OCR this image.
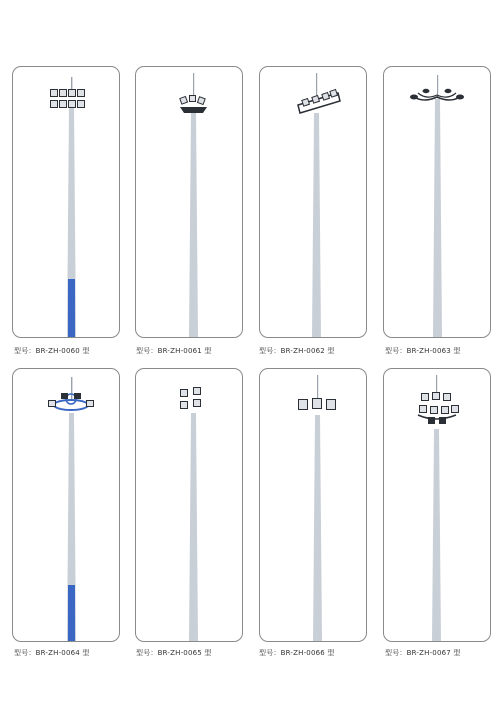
型号：BR-ZH-0060 型	型号：BR-ZH-0061 型	型号：BR-ZH-0062 型	型号：BR-ZH-0063 型
型号：BR-ZH-0064 型	型号：BR-ZH-0065 型	型号：BR-ZH-0066 型	型号：BR-ZH-0067 型
